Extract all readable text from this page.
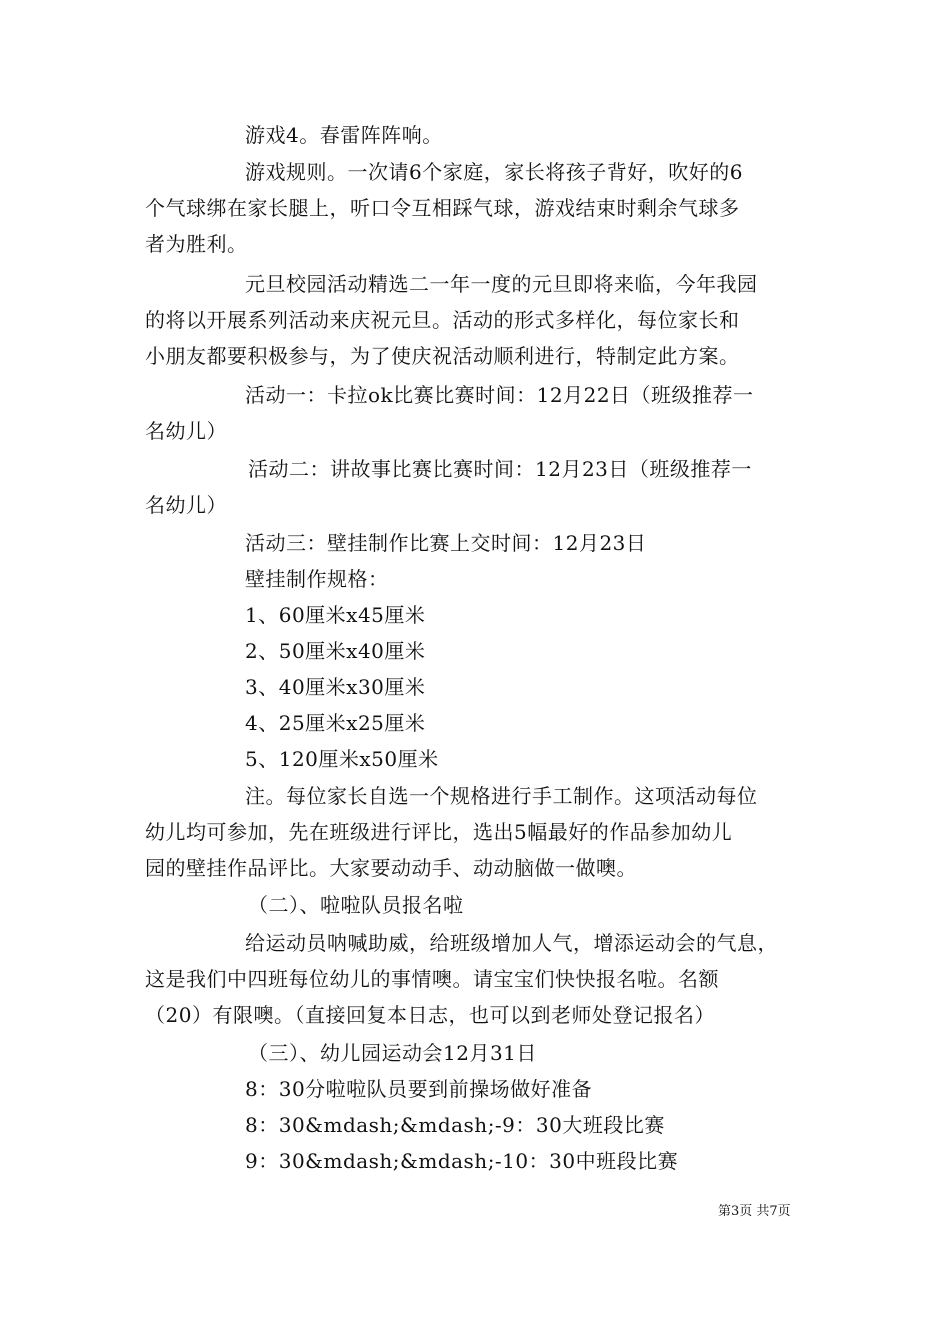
游戏4。春雷阵阵响。
游戏规则。一次请6个家庭，家长将孩子背好，吹好的6
个气球绑在家长腿上，听口令互相踩气球，游戏结束时剩余气球多
者为胜利。
元旦校园活动精选二一年一度的元旦即将来临，今年我园
的将以开展系列活动来庆祝元旦。活动的形式多样化，每位家长和
小朋友都要积极参与，为了使庆祝活动顺利进行，特制定此方案。
活动一：卡拉ok比赛比赛时间：12月22日（班级推荐一
名幼儿）
活动二：讲故事比赛比赛时间：12月23日（班级推荐一
名幼儿）
活动三：壁挂制作比赛上交时间：12月23日
壁挂制作规格：
1、60厘米x45厘米
2、50厘米x40厘米
3、40厘米x30厘米
4、25厘米x25厘米
5、120厘米x50厘米
注。每位家长自选一个规格进行手工制作。这项活动每位
幼儿均可参加，先在班级进行评比，选出5幅最好的作品参加幼儿
园的壁挂作品评比。大家要动动手、动动脑做一做噢。
（二）、啦啦队员报名啦
给运动员呐喊助威，给班级增加人气，增添运动会的气息，
这是我们中四班每位幼儿的事情噢。请宝宝们快快报名啦。名额
（20）有限噢。（直接回复本日志，也可以到老师处登记报名）
（三）、幼儿园运动会12月31日
8：30分啦啦队员要到前操场做好准备
8：30&mdash;&mdash;-9：30大班段比赛
9：30&mdash;&mdash;-10：30中班段比赛
第3页 共7页
